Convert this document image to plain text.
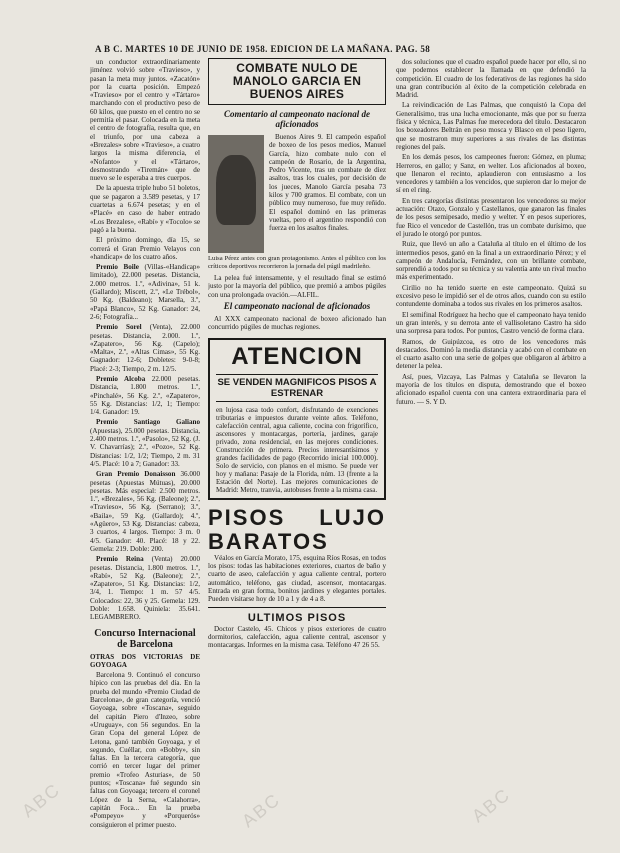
A B C. MARTES 10 DE JUNIO DE 1958. EDICION DE LA MAÑANA. PAG. 58

un conductor extraordinariamente jiménez volvió sobre «Travieso», y pasan la meta muy juntos. «Zacatón» por la cuarta posición. Empezó «Travieso» por el centro y «Tártaro» marchando con el productivo peso de 60 kilos, que puesto en el centro no se permitía el pasar. Colocada en la meta el centro de fotografía, resulta que, en el triunfo, por una cabeza a «Brezales» sobre «Travieso», a cuatro largos la misma diferencia, el «Nofanto» y el «Tártaro», desmostrando «Tiremán» que de nuevo se le esperaba a tres cuerpos.

De la apuesta triple hubo 51 boletos, que se pagaron a 3.589 pesetas, y 17 cuartetas a 6.674 pesetas; y en el «Placé» en caso de haber entrado «Los Brezales», «Rabí» y «Tocolo» se pagó a la buena.

El próximo domingo, día 15, se correrá el Gran Premio Velayos con «handicap» de los cuatro años.

Premio Boile (Villas-«Handicap» limitado), 22.000 pesetas. Distancia, 2.000 metros. 1.º, «Adivina», 51 k. (Gallardo); Miscett, 2.º, «Le Trébol», 50 Kg. (Baldeano); Marsella, 3.º, «Papá Blanco», 52 Kg. Ganador: 24, 2-6; Fotografía...

Premio Sorel (Venta), 22.000 pesetas. Distancia, 2.000. 1.º, «Zapatero», 56 Kg. (Capelo); «Malta», 2.º, «Altas Cimas», 55 Kg. Gagnador: 12-6; Dobletes: 9-0-8; Placé: 2-3; Tiempo, 2 m. 12/5.

Premio Alcoba 22.000 pesetas. Distancia, 1.800 metros. 1.º, «Pinchalé», 56 Kg. 2.º, «Zapatero», 55 Kg. Distancias: 1/2, 1; Tiempo: 1/4. Ganador: 19.

Premio Santiago Galiano (Apuestas), 25.000 pesetas. Distancia, 2.400 metros. 1.º, «Pasolo», 52 Kg. (J. V. Chavarrías); 2.º, «Pozo», 52 Kg. Distancias: 1/2, 1/2; Tiempo, 2 m. 31 4/5. Placé: 10 a 7; Ganador: 33.

Gran Premio Donaisson 36.000 pesetas (Apuestas Mútuas), 20.000 pesetas. Más especial: 2.500 metros. 1.º, «Brezales», 56 Kg. (Baleone); 2.º, «Travieso», 56 Kg. (Serrano); 3.º, «Baila», 59 Kg. (Gallardo); 4.º, «Agüero», 53 Kg. Distancias: cabeza, 3 cuartos, 4 largos. Tiempo: 3 m. 0 4/5. Ganador: 40. Placé: 18 y 22. Gemela: 219. Doble: 200.

Premio Reina (Venta) 20.000 pesetas. Distancia, 1.800 metros. 1.º, «Rabí», 52 Kg. (Baleone); 2.º, «Zapatero», 51 Kg. Distancias: 1/2, 3/4, 1. Tiempo: 1 m. 57 4/5. Colocados: 22, 36 y 25. Gemela: 129. Doble: 1.658. Quiniela: 35.641. LEGAMBRERO.

Concurso Internacional de Barcelona
OTRAS DOS VICTORIAS DE GOYOAGA

Barcelona 9. Continuó el concurso hípico con las pruebas del día. En la prueba del mundo «Premio Ciudad de Barcelona», de gran categoría, venció Goyoaga, sobre «Toscana», seguido del capitán Piero d'Inzeo, sobre «Uruguay», con 56 segundos. En la Gran Copa del general López de Letona, ganó también Goyoaga, y el segundo, Cuéllar, con «Bobby», sin faltas. En la tercera categoría, que corrió en tercer lugar del primer premio «Trofeo Asturias», de 50 puntos; «Toscana» fué segundo sin faltas con Goyoaga; tercero el coronel López de la Serna, «Calahorra», capitán Foca... En la prueba «Pompeyo» y «Porquerós» consiguieron el primer puesto.

COMBATE NULO DE MANOLO GARCIA EN BUENOS AIRES
Comentario al campeonato nacional de aficionados

Buenos Aires 9. El campeón español de boxeo de los pesos medios, Manuel García, hizo combate nulo con el campeón de Rosario, de la Argentina, Pedro Vicente, tras un combate de diez asaltos, tras los cuales, por decisión de los jueces, Manolo García pesaba 73 kilos y 700 gramos. El combate, con un público muy numeroso, fue muy reñido. El español dominó en las primeras vueltas, pero el argentino respondió con fuerza en los asaltos finales.

Luisa Pérez antes con gran protagonismo. Antes el público con los críticos deportivos recorrieron la jornada del púgil madrileño.

La pelea fué intensamente, y el resultado final se estimó justo por la mayoría del público, que premió a ambos púgiles con una prolongada ovación.—ALFIL.

El campeonato nacional de aficionados

Al XXX campeonato nacional de boxeo aficionado han concurrido púgiles de muchas regiones.

ATENCION
SE VENDEN MAGNIFICOS PISOS A ESTRENAR
en lujosa casa todo confort, disfrutando de exenciones tributarias e impuestos durante veinte años. Teléfono, calefacción central, agua caliente, cocina con frigorífico, ascensores y montacargas, portería, jardines, garaje privado, zona residencial, en las mejores condiciones. Construcción de primera. Precios interesantísimos y grandes facilidades de pago (Recorrido inicial 100.000). Solo de servicio, con planos en el mismo. Se puede ver hoy y mañana: Pasaje de la Florida, núm. 13 (frente a la Estación del Norte). Las mejores comunicaciones de Madrid: Metro, tranvía, autobuses frente a la misma casa.
PISOS LUJO BARATOS

Véalos en García Morato, 175, esquina Ríos Rosas, en todos los pisos: todas las habitaciones exteriores, cuartos de baño y cuarto de aseo, calefacción y agua caliente central, portero automático, teléfono, gas ciudad, ascensor, montacargas. Entrada en gran forma, bonitos jardines y elegantes portales. Pueden visitarse hoy de 10 a 1 y de 4 a 8.

ULTIMOS PISOS

Doctor Castelo, 45. Chicos y pisos exteriores de cuatro dormitorios, calefacción, agua caliente central, ascensor y montacargas. Informes en la misma casa. Teléfono 47 26 55.

dos soluciones que el cuadro español puede hacer por ello, si no que podemos establecer la llamada en que defendió la competición. El cuadro de los federativos de las regiones ha sido una gran contribución al éxito de la competición celebrada en Madrid.

La reivindicación de Las Palmas, que conquistó la Copa del Generalísimo, tras una lucha emocionante, más que por su fuerza física y técnica, Las Palmas fue merecedora del título. Destacaron los boxeadores Beltrán en peso mosca y Blasco en el peso ligero, que se mostraron muy superiores a sus rivales de las distintas regiones del país.

En los demás pesos, los campeones fueron: Gómez, en pluma; Herreros, en gallo; y Sanz, en welter. Los aficionados al boxeo, que llenaron el recinto, aplaudieron con entusiasmo a los vencedores y también a los vencidos, que supieron dar lo mejor de sí en el ring.

En tres categorías distintas presentaron los vencedores su mejor actuación: Otazo, Gonzalo y Castellanos, que ganaron las finales de los pesos semipesado, medio y welter. Y en pesos superiores, fue Rico el vencedor de Castellón, tras un combate durísimo, que el jurado le otorgó por puntos.

Ruiz, que llevó un año a Cataluña al título en el último de los intermedios pesos, ganó en la final a un extraordinario Pérez; y el campeón de Andalucía, Fernández, con un brillante combate, sorprendió a todos por su técnica y su valentía ante un rival mucho más experimentado.

Cirilio no ha tenido suerte en este campeonato. Quizá su excesivo peso le impidió ser el de otros años, cuando con su estilo contundente dominaba a todos sus rivales en los primeros asaltos.

El semifinal Rodríguez ha hecho que el campeonato haya tenido un gran interés, y su derrota ante el vallisoletano Castro ha sido una sorpresa para todos. Por puntos, Castro venció de forma clara.

Ramos, de Guipúzcoa, es otro de los vencedores más destacados. Dominó la media distancia y acabó con el combate en el cuarto asalto con una serie de golpes que obligaron al árbitro a detener la pelea.

Así, pues, Vizcaya, Las Palmas y Cataluña se llevaron la mayoría de los títulos en disputa, demostrando que el boxeo aficionado español cuenta con una cantera extraordinaria para el futuro. — S. Y D.

ABC	ABC	ABC
